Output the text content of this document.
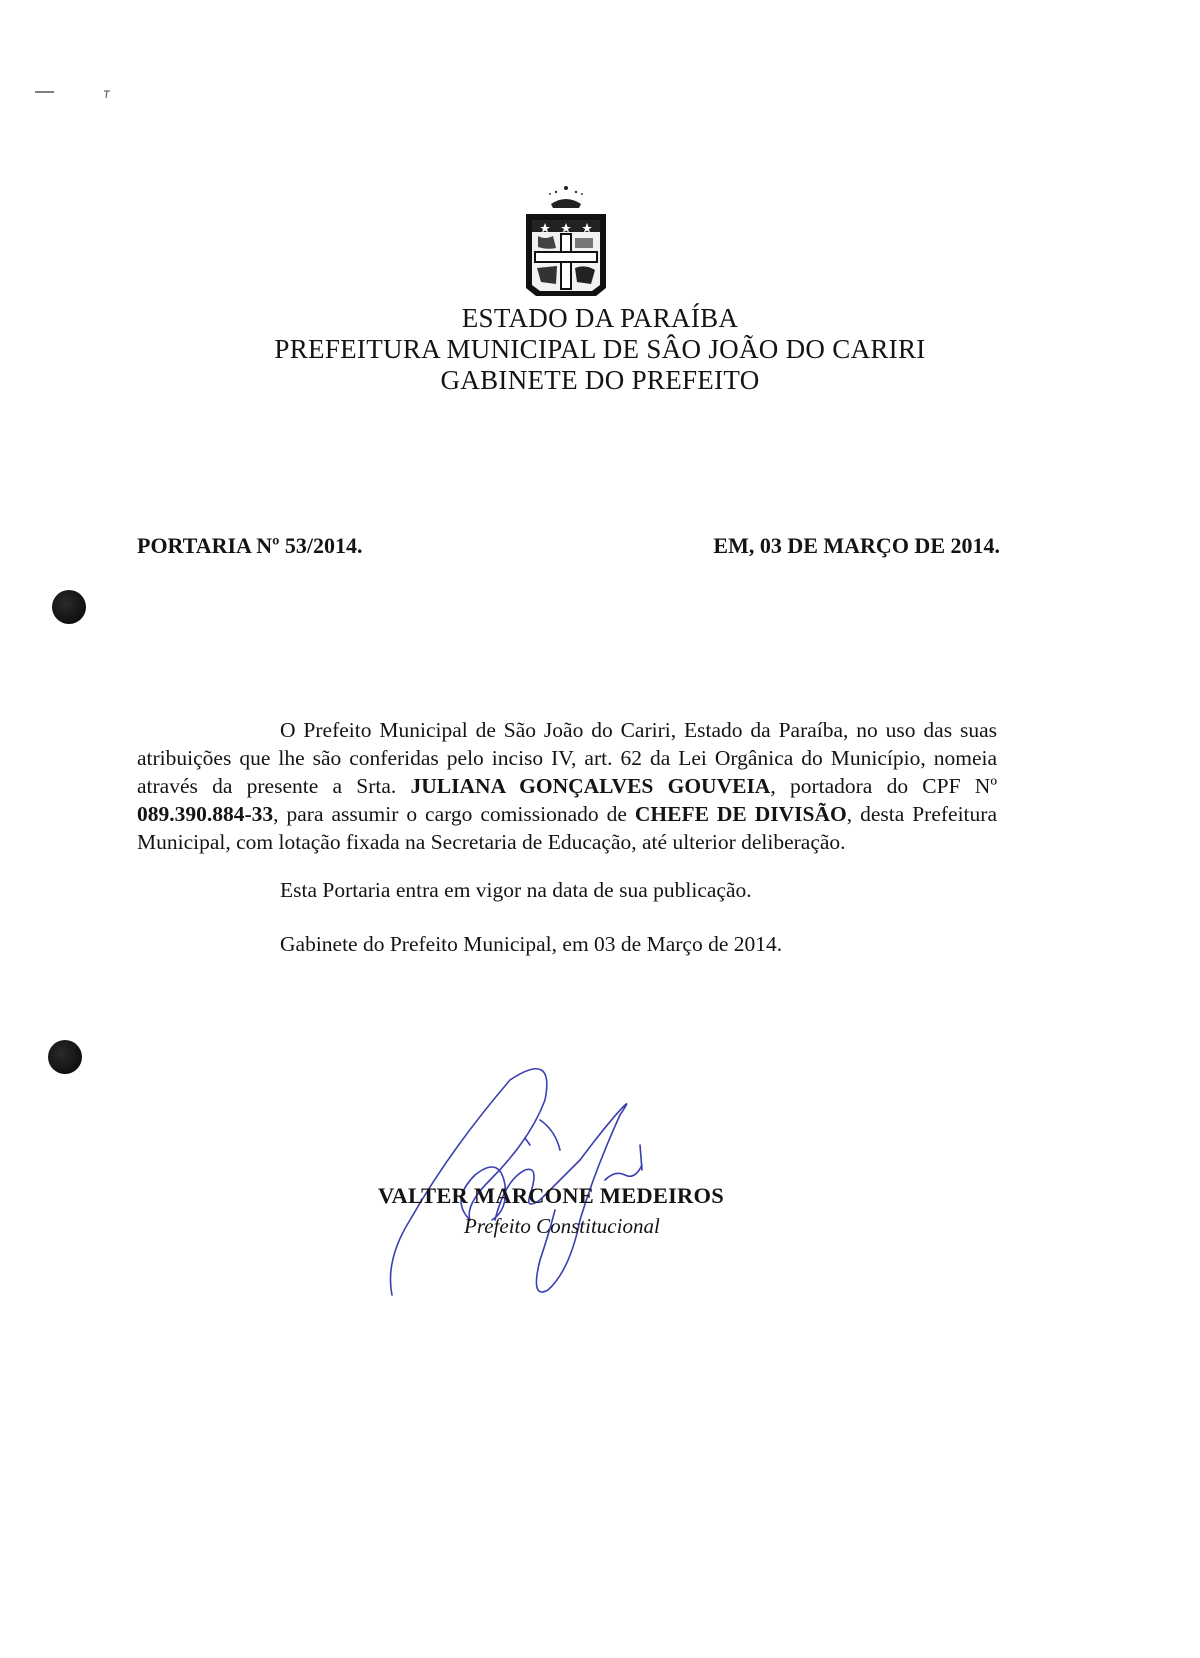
ESTADO DA PARAÍBA
PREFEITURA MUNICIPAL DE SÂO JOÃO DO CARIRI
GABINETE DO PREFEITO
PORTARIA Nº 53/2014.	EM, 03 DE MARÇO DE 2014.

O Prefeito Municipal de São João do Cariri, Estado da Paraíba, no uso das suas atribuições que lhe são conferidas pelo inciso IV, art. 62 da Lei Orgânica do Município, nomeia através da presente a Srta. JULIANA GONÇALVES GOUVEIA, portadora do CPF Nº 089.390.884-33, para assumir o cargo comissionado de CHEFE DE DIVISÃO, desta Prefeitura Municipal, com lotação fixada na Secretaria de Educação, até ulterior deliberação.

Esta Portaria entra em vigor na data de sua publicação.

Gabinete do Prefeito Municipal, em 03 de Março de 2014.

VALTER MARCONE MEDEIROS
Prefeito Constitucional
